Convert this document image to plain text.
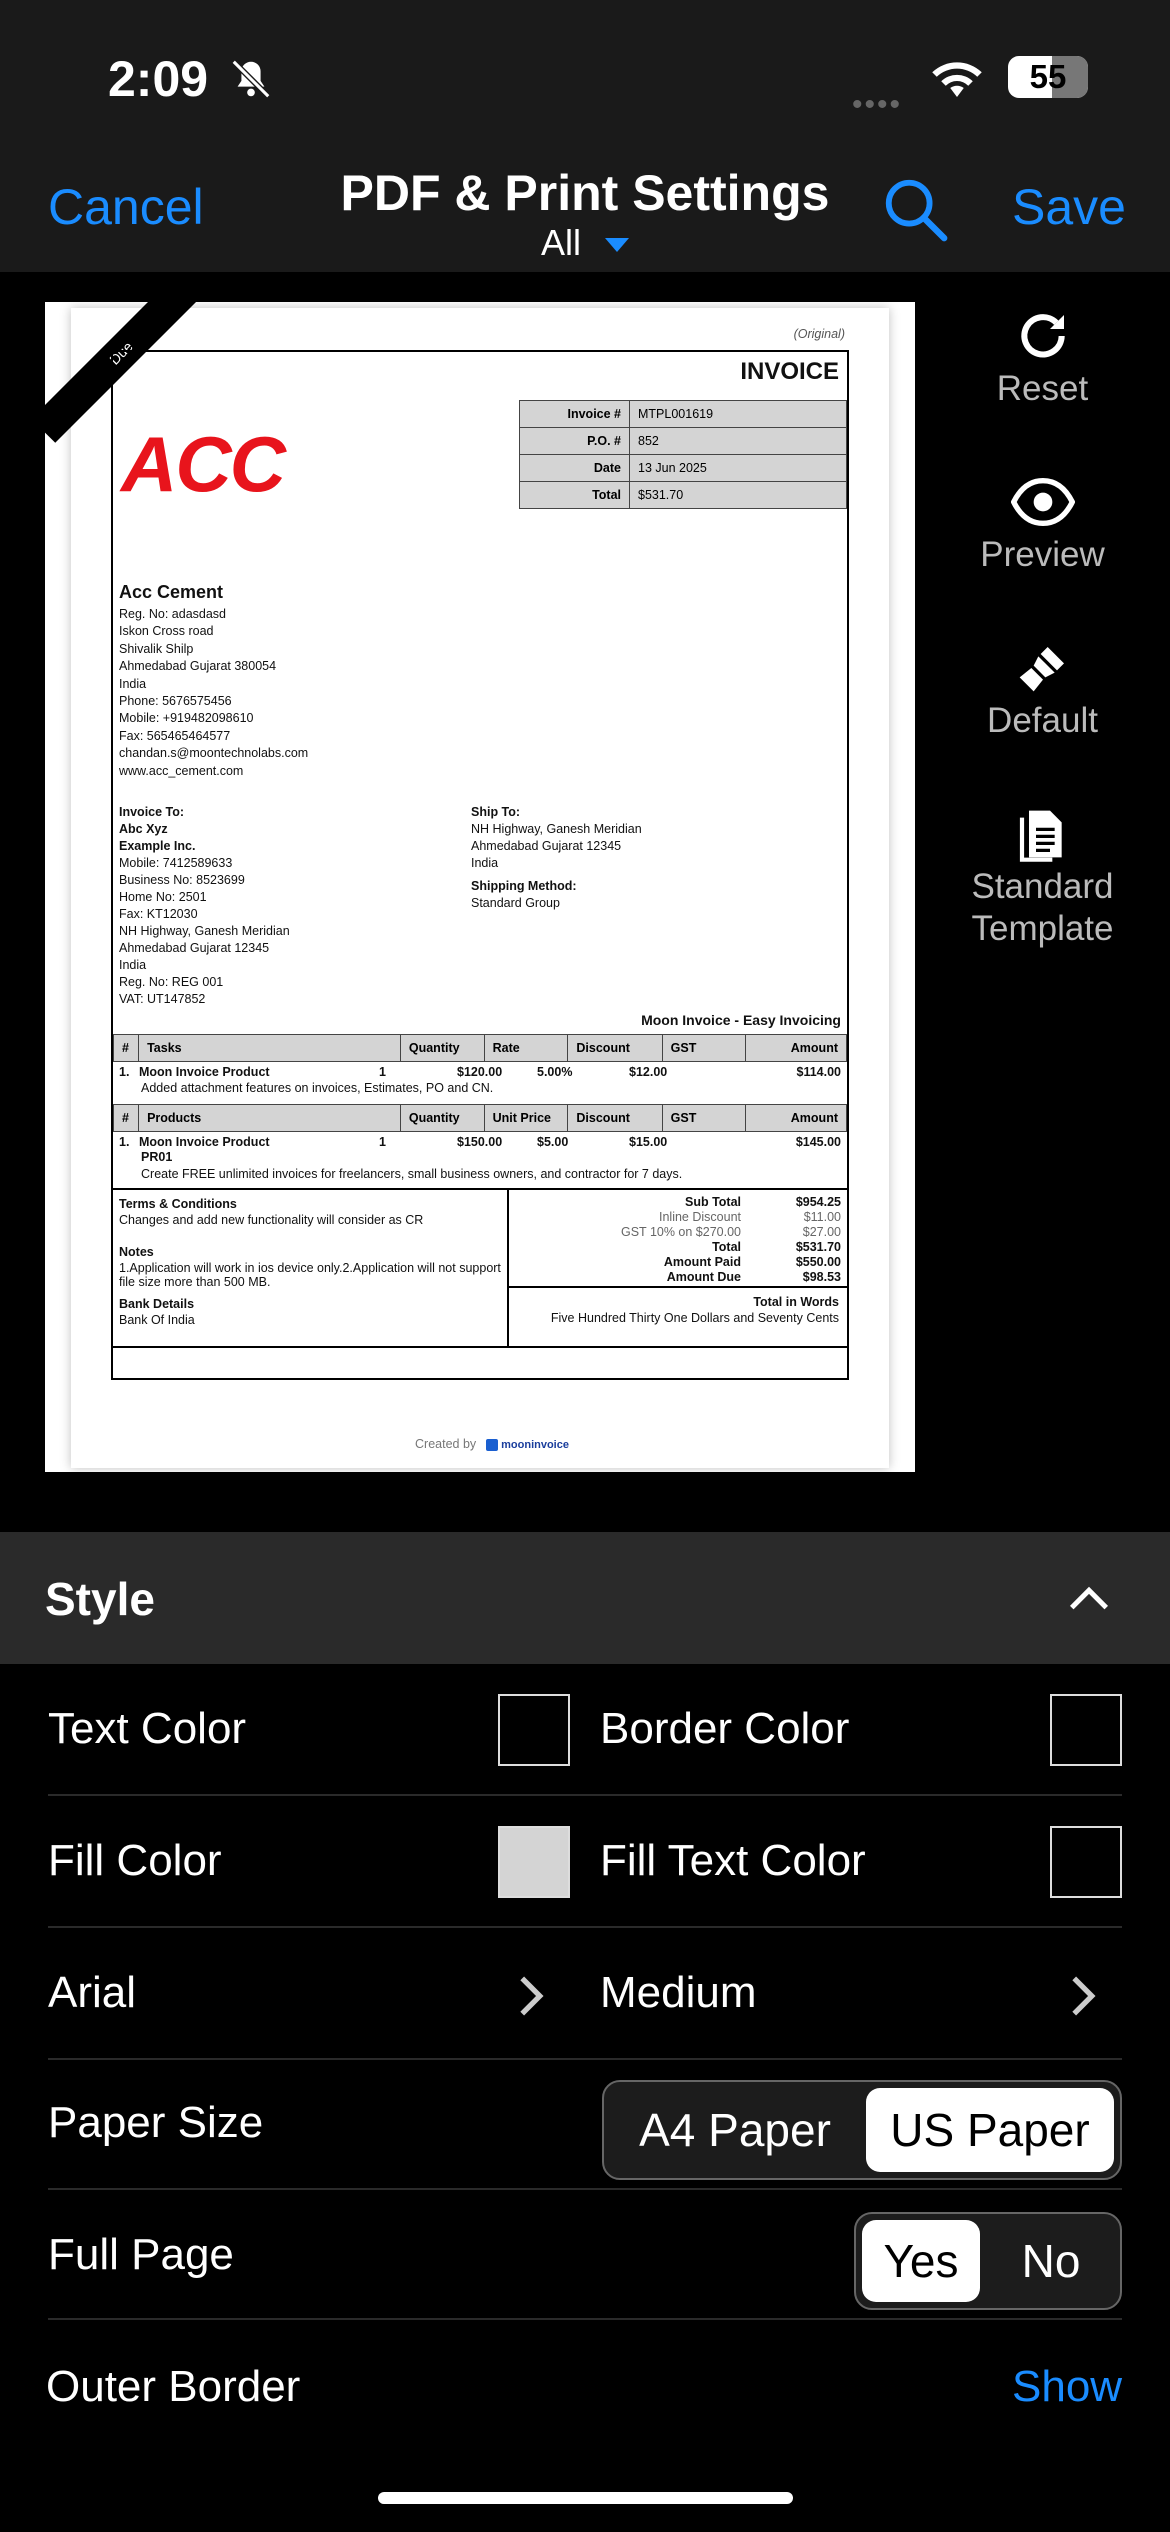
2:09	••••
55
Cancel	PDF & Print Settings
All
Save
Due
(Original)
INVOICE
Invoice #	MTPL001619
P.O. #	852
Date	13 Jun 2025
Total	$531.70
ACC
Acc Cement
Reg. No: adasdasd
Iskon Cross road
Shivalik Shilp
Ahmedabad Gujarat 380054
India
Phone: 5676575456
Mobile: +919482098610
Fax: 565465464577
chandan.s@moontechnolabs.com
www.acc_cement.com
Invoice To:
Abc Xyz
Example Inc.
Mobile: 7412589633
Business No: 8523699
Home No: 2501
Fax: KT12030
NH Highway, Ganesh Meridian
Ahmedabad Gujarat 12345
India
Reg. No: REG 001
VAT: UT147852
Ship To:
NH Highway, Ganesh Meridian
Ahmedabad Gujarat 12345
India
Shipping Method:
Standard Group
Moon Invoice - Easy Invoicing
#	Tasks	Quantity	Rate	Discount	GST	Amount
1. Moon Invoice Product	1	$120.00	5.00%	$12.00	$114.00
Added attachment features on invoices, Estimates, PO and CN.
#	Products	Quantity	Unit Price	Discount	GST	Amount
1. Moon Invoice Product	1	$150.00	$5.00	$15.00	$145.00
PR01
Create FREE unlimited invoices for freelancers, small business owners, and contractor for 7 days.
Terms & Conditions
Changes and add new functionality will consider as CR
Notes
1.Application will work in ios device only.2.Application will not support
file size more than 500 MB.
Bank Details
Bank Of India
Sub Total	$954.25
Inline Discount	$11.00
GST 10% on $270.00	$27.00
Total	$531.70
Amount Paid	$550.00
Amount Due	$98.53
Total in Words
Five Hundred Thirty One Dollars and Seventy Cents
Created by mooninvoice
Reset
Preview
Default
Standard Template
Style
Text Color	Border Color
Fill Color	Fill Text Color
Arial	Medium
Paper Size	A4 Paper	US Paper
Full Page	Yes	No
Outer Border	Show
